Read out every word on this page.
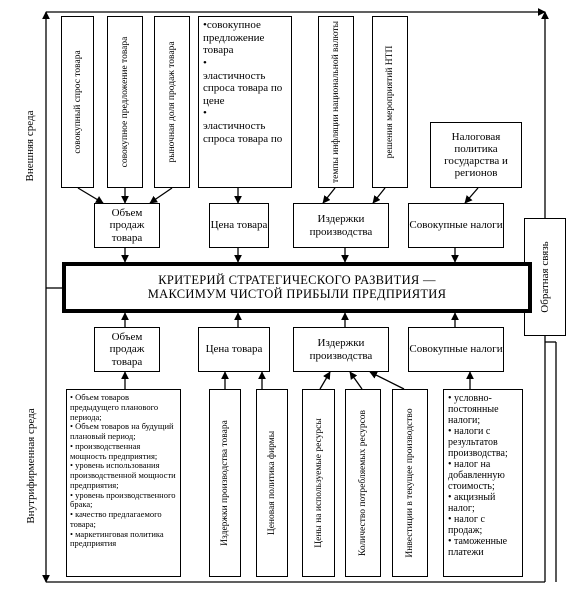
Внешняя среда
Внутрифирменная среда
Обратная связь
совокупный спрос товара	совокупное предложение товара	рыночная доля продаж товара
•совокупное предложение товара
•
эластичность спроса товара по цене
•
эластичность спроса товара по	темпы инфляции национальной валюты	решения мероприятий НТП	Налоговая политика государства и регионов
Объем продаж товара
Цена товара
Издержки производства
Совокупные налоги
КРИТЕРИЙ СТРАТЕГИЧЕСКОГО РАЗВИТИЯ —
МАКСИМУМ ЧИСТОЙ ПРИБЫЛИ ПРЕДПРИЯТИЯ
Объем продаж товара
Цена товара
Издержки производства
Совокупные налоги
• Объем товаров предыдущего планового периода;
• Объем товаров на будущий плановый период;
• производственная мощность предприятия;
• уровень использования производственной мощности предприятия;
• уровень производственного брака;
• качество предлагаемого товара;
• маркетинговая политика предприятия	Издержки производства товара	Ценовая политика фирмы	Цены на используемые ресурсы	Количество потребляемых ресурсов	Инвестиции в текущее производство
• условно-постоянные налоги;
• налоги с результатов производства;
• налог на добавленную стоимость;
• акцизный налог;
• налог с продаж;
• таможенные платежи
